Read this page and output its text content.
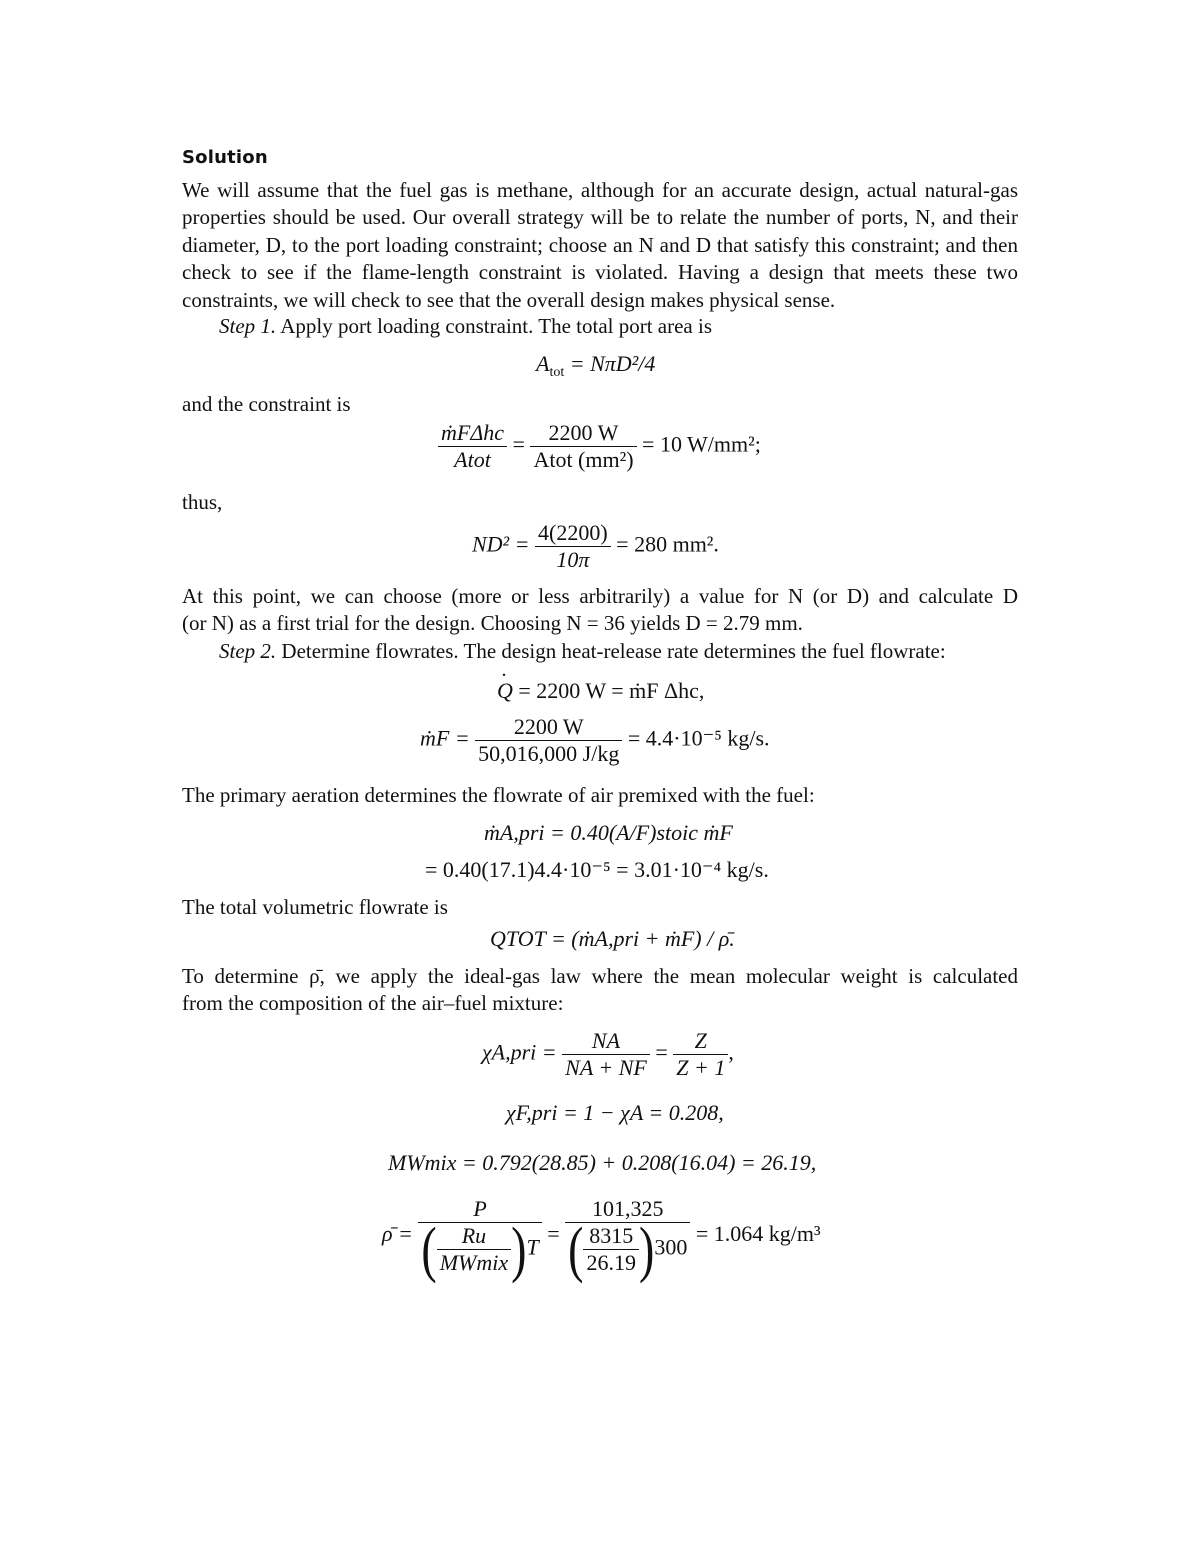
Solution
We will assume that the fuel gas is methane, although for an accurate design, actual natural-gas properties should be used. Our overall strategy will be to relate the number of ports, N, and their diameter, D, to the port loading constraint; choose an N and D that satisfy this constraint; and then check to see if the flame-length constraint is violated. Having a design that meets these two constraints, we will check to see that the overall design makes physical sense.
Step 1. Apply port loading constraint. The total port area is
$A_{tot} = N\pi D^2/4$
and the constraint is
$\frac{\text{ṁFΔhc}}{\text{Atot}} = \frac{2200 W}{\text{Atot (mm²)}} = 10$ W/mm²;
thus,
$ND^2 = \frac{4(2200)}{10\pi} = 280$ mm².
At this point, we can choose (more or less arbitrarily) a value for N (or D) and calculate D
(or N) as a first trial for the design. Choosing N = 36 yields D = 2.79 mm.
Step 2. Determine flowrates. The design heat-release rate determines the fuel flowrate:
. Q = 2200 W = ṁF Δhc,
ṁF = $\frac{2200 W}{50,016,000 J/kg} = 4.4\cdot 10^{-5}$ kg/s.
The primary aeration determines the flowrate of air premixed with the fuel:
ṁA,pri = 0.40(A/F)stoic ṁF
= 0.40(17.1)4.4·10⁻⁵ = 3.01·10⁻⁴ kg/s.
The total volumetric flowrate is
QTOT = (ṁA,pri + ṁF) / ρ̄.
To determine ρ̄, we apply the ideal-gas law where the mean molecular weight is calculated
from the composition of the air–fuel mixture:
$\chi A,pri = \frac{NA}{NA + NF} = \frac{Z}{Z + 1}$ ,
χF,pri = 1 − χA = 0.208,
MWmix = 0.792(28.85) + 0.208(16.04) = 26.19,
ρ̄ = $\frac{P}{( \frac{Ru}{\text{MWmix}} )T} = \frac{101,325}{( \frac{8315}{26.19} )300} = 1.064$ kg/m³
